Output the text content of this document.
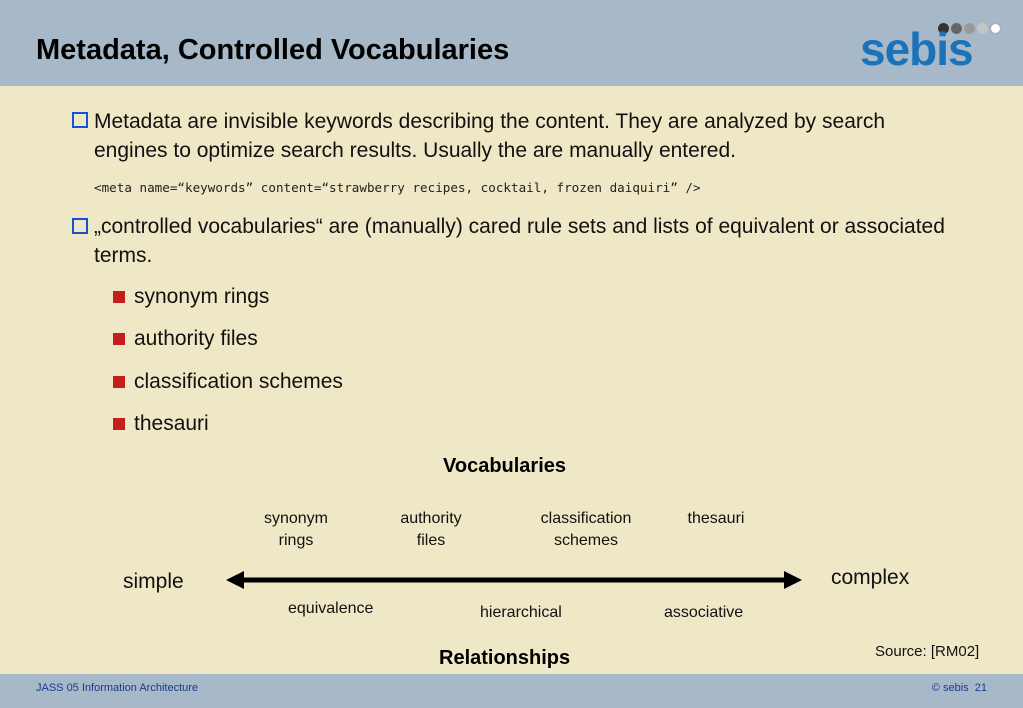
Metadata, Controlled Vocabularies	sebis
Metadata are invisible keywords describing the content. They are analyzed by search engines to optimize search results. Usually the are manually entered.
<meta name=“keywords” content=“strawberry recipes, cocktail, frozen daiquiri” />
„controlled vocabularies“ are (manually) cared rule sets and lists of equivalent or associated terms.
synonym rings
authority files
classification schemes
thesauri
Vocabularies
synonym
rings
authority
files
classification
schemes
thesauri
simple	complex
equivalence	hierarchical	associative
Relationships	Source: [RM02]
JASS 05 Information Architecture	© sebis  21
